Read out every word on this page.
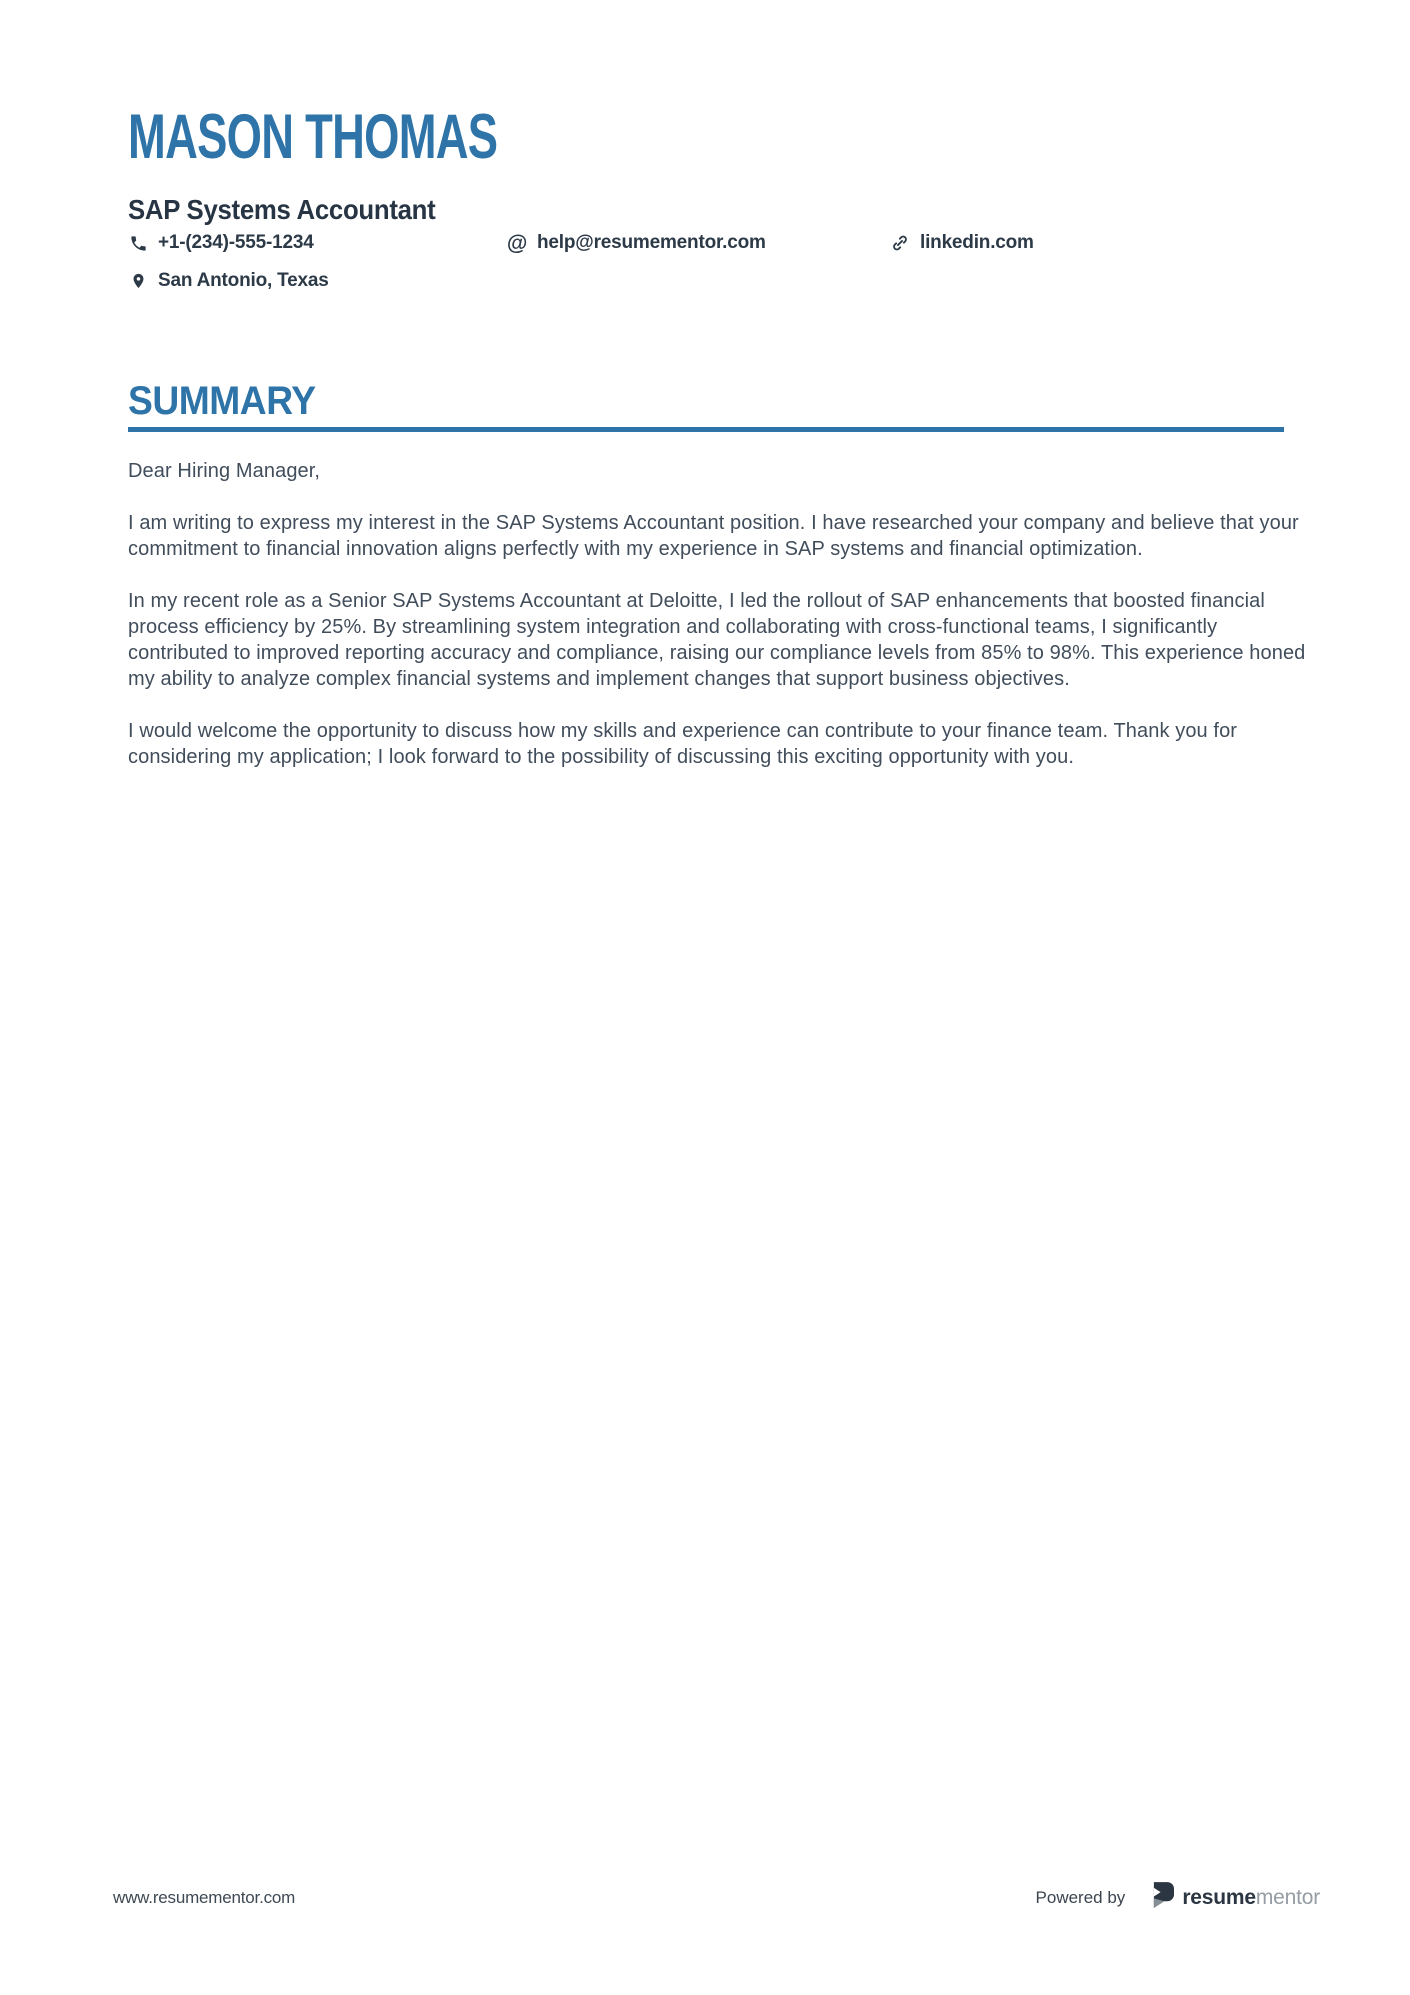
MASON THOMAS
SAP Systems Accountant
+1-(234)-555-1234	@ help@resumementor.com	linkedin.com
San Antonio, Texas
SUMMARY

Dear Hiring Manager,

I am writing to express my interest in the SAP Systems Accountant position. I have researched your company and believe that your commitment to financial innovation aligns perfectly with my experience in SAP systems and financial optimization.

In my recent role as a Senior SAP Systems Accountant at Deloitte, I led the rollout of SAP enhancements that boosted financial process efficiency by 25%. By streamlining system integration and collaborating with cross-functional teams, I significantly contributed to improved reporting accuracy and compliance, raising our compliance levels from 85% to 98%. This experience honed my ability to analyze complex financial systems and implement changes that support business objectives.

I would welcome the opportunity to discuss how my skills and experience can contribute to your finance team. Thank you for considering my application; I look forward to the possibility of discussing this exciting opportunity with you.

www.resumementor.com	Powered by	resumementor
